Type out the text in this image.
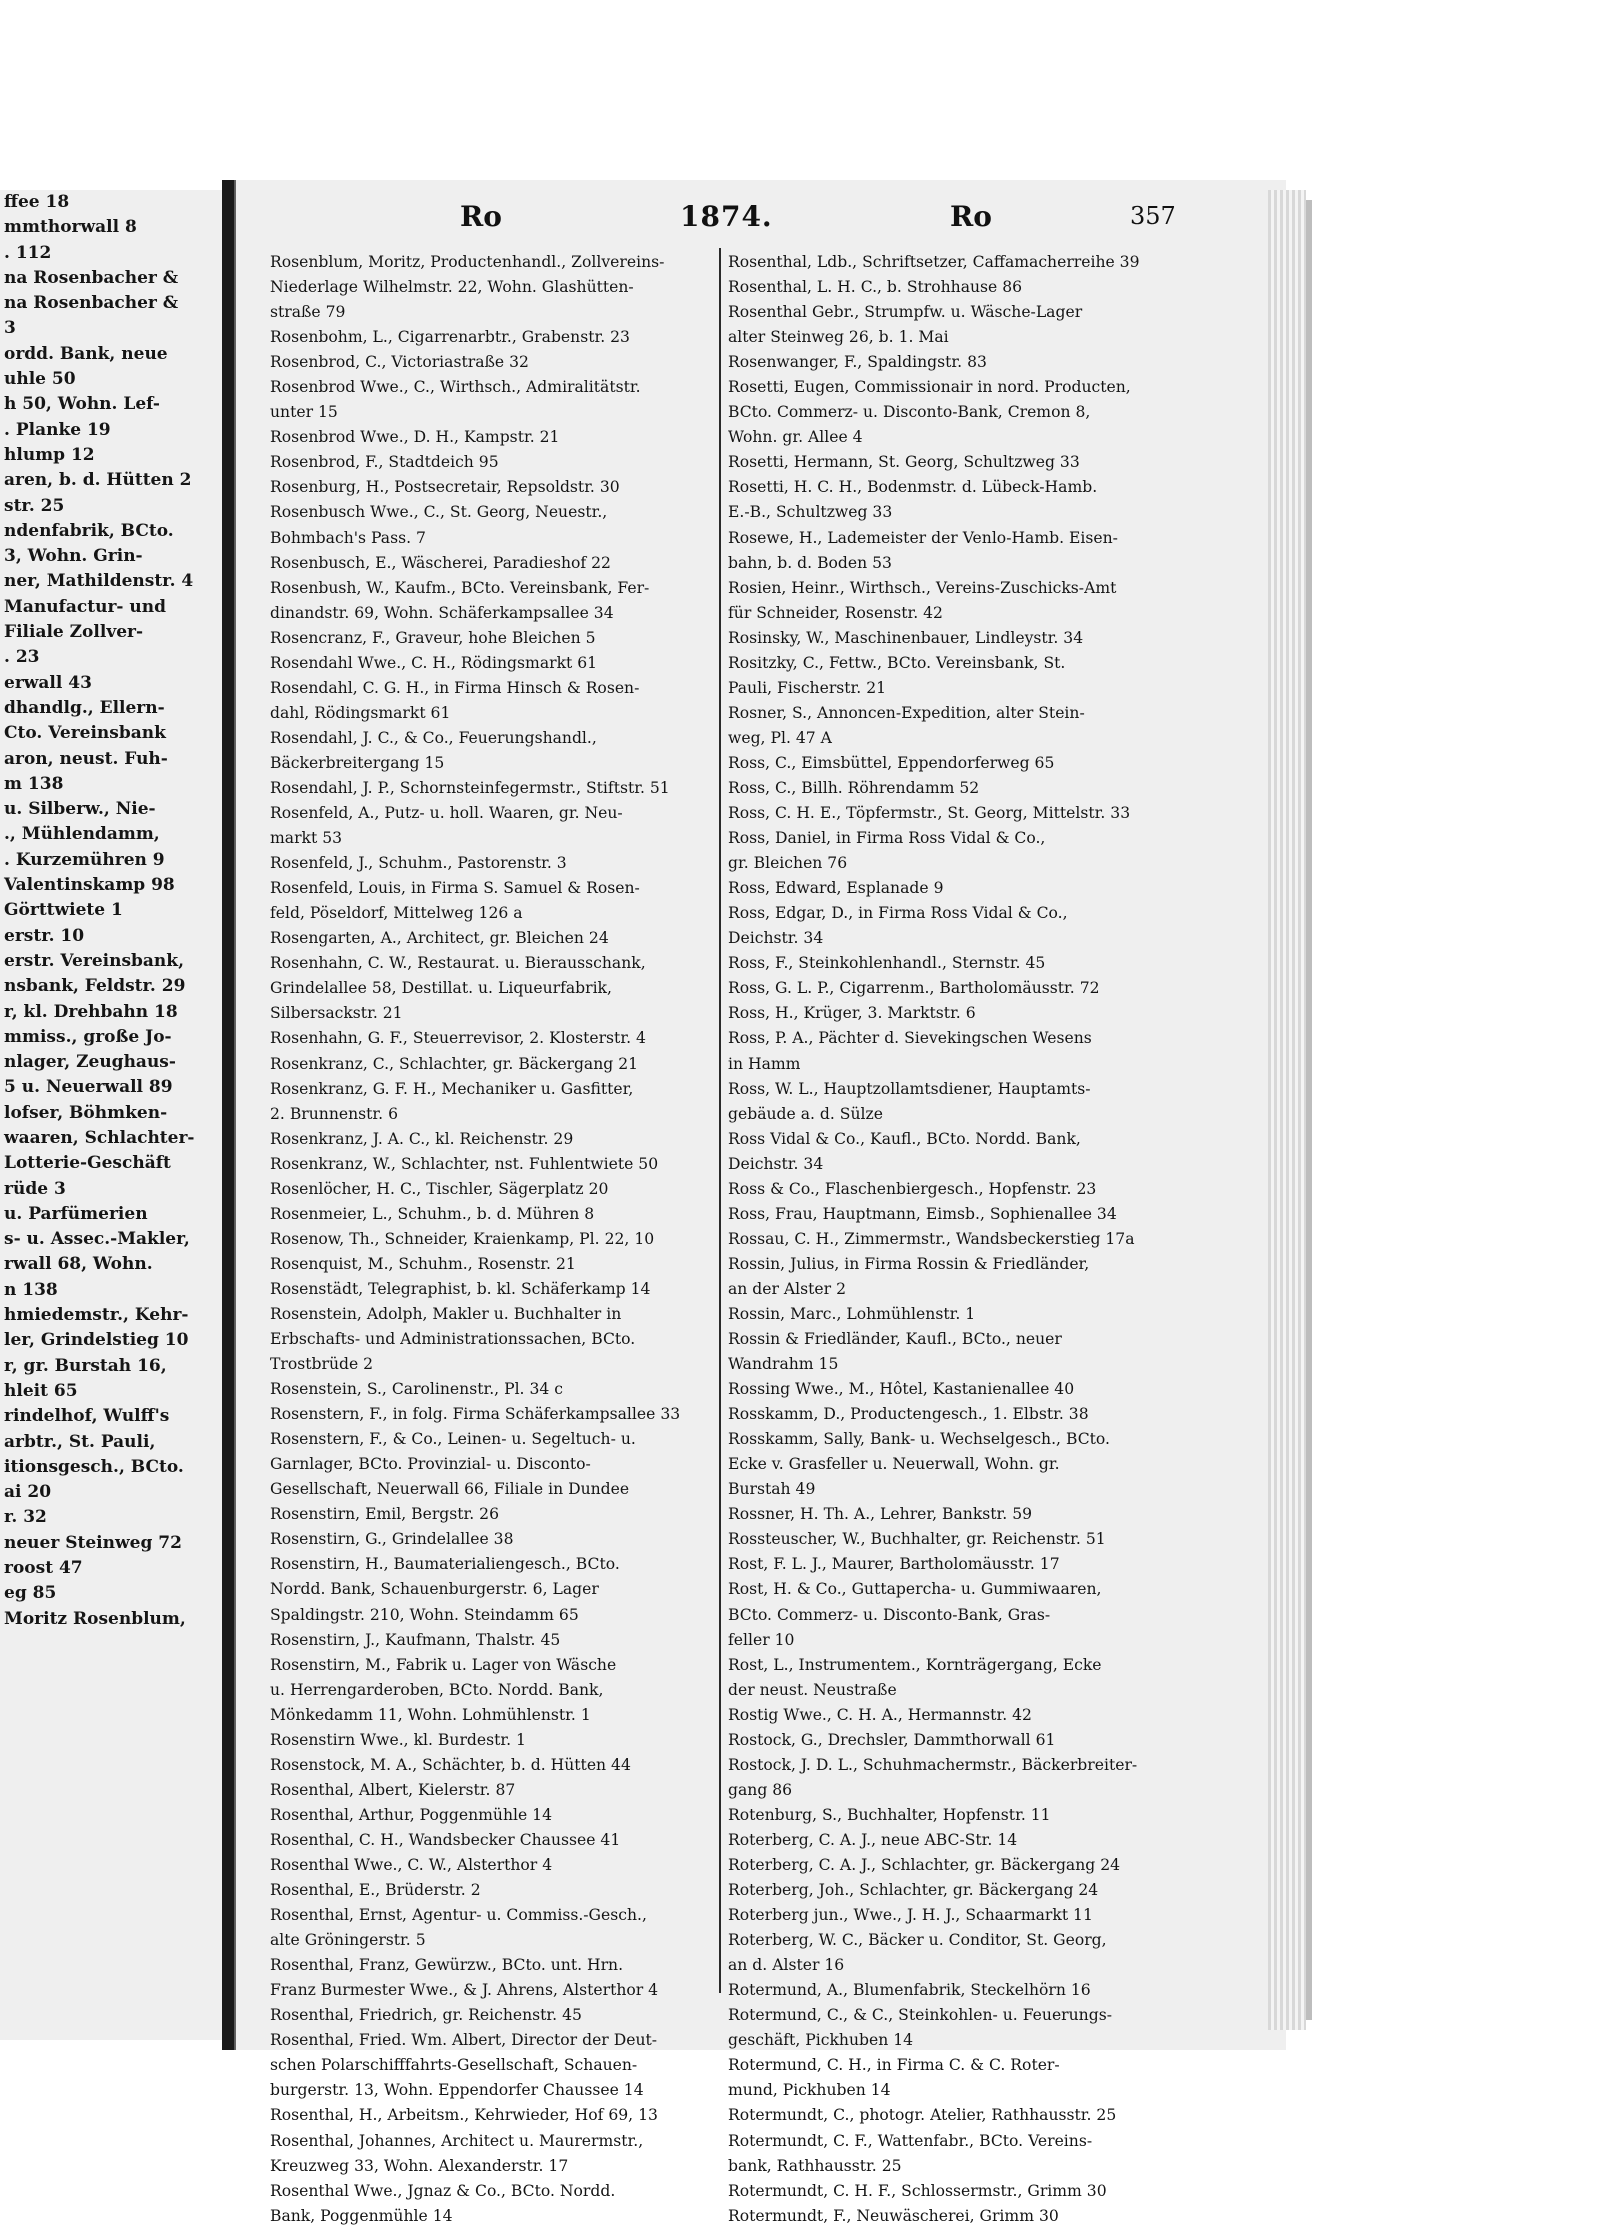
ffee 18
mmthorwall 8
. 112
na Rosenbacher &
na Rosenbacher &
3
ordd. Bank, neue
uhle 50
h 50, Wohn. Lef-
. Planke 19
hlump 12
aren, b. d. Hütten 2
str. 25
ndenfabrik, BCto.
3, Wohn. Grin-
ner, Mathildenstr. 4
Manufactur- und
Filiale Zollver-
. 23
erwall 43
dhandlg., Ellern-
Cto. Vereinsbank
aron, neust. Fuh-
m 138
u. Silberw., Nie-
., Mühlendamm,
. Kurzemühren 9
Valentinskamp 98
Görttwiete 1
erstr. 10
erstr. Vereinsbank,
nsbank, Feldstr. 29
r, kl. Drehbahn 18
mmiss., große Jo-
nlager, Zeughaus-
5 u. Neuerwall 89
lofser, Böhmken-
waaren, Schlachter-
Lotterie-Geschäft
rüde 3
u. Parfümerien
s- u. Assec.-Makler,
rwall 68, Wohn.
n 138
hmiedemstr., Kehr-
ler, Grindelstieg 10
r, gr. Burstah 16,
hleit 65
rindelhof, Wulff's
arbtr., St. Pauli,
itionsgesch., BCto.
ai 20
r. 32
neuer Steinweg 72
roost 47
eg 85
Moritz Rosenblum,
Ro	1874.	Ro	357
Rosenblum, Moritz, Productenhandl., Zollvereins-
Niederlage Wilhelmstr. 22, Wohn. Glashütten-
straße 79
Rosenbohm, L., Cigarrenarbtr., Grabenstr. 23
Rosenbrod, C., Victoriastraße 32
Rosenbrod Wwe., C., Wirthsch., Admiralitätstr.
unter 15
Rosenbrod Wwe., D. H., Kampstr. 21
Rosenbrod, F., Stadtdeich 95
Rosenburg, H., Postsecretair, Repsoldstr. 30
Rosenbusch Wwe., C., St. Georg, Neuestr.,
Bohmbach's Pass. 7
Rosenbusch, E., Wäscherei, Paradieshof 22
Rosenbush, W., Kaufm., BCto. Vereinsbank, Fer-
dinandstr. 69, Wohn. Schäferkampsallee 34
Rosencranz, F., Graveur, hohe Bleichen 5
Rosendahl Wwe., C. H., Rödingsmarkt 61
Rosendahl, C. G. H., in Firma Hinsch & Rosen-
dahl, Rödingsmarkt 61
Rosendahl, J. C., & Co., Feuerungshandl.,
Bäckerbreitergang 15
Rosendahl, J. P., Schornsteinfegermstr., Stiftstr. 51
Rosenfeld, A., Putz- u. holl. Waaren, gr. Neu-
markt 53
Rosenfeld, J., Schuhm., Pastorenstr. 3
Rosenfeld, Louis, in Firma S. Samuel & Rosen-
feld, Pöseldorf, Mittelweg 126 a
Rosengarten, A., Architect, gr. Bleichen 24
Rosenhahn, C. W., Restaurat. u. Bierausschank,
Grindelallee 58, Destillat. u. Liqueurfabrik,
Silbersackstr. 21
Rosenhahn, G. F., Steuerrevisor, 2. Klosterstr. 4
Rosenkranz, C., Schlachter, gr. Bäckergang 21
Rosenkranz, G. F. H., Mechaniker u. Gasfitter,
2. Brunnenstr. 6
Rosenkranz, J. A. C., kl. Reichenstr. 29
Rosenkranz, W., Schlachter, nst. Fuhlentwiete 50
Rosenlöcher, H. C., Tischler, Sägerplatz 20
Rosenmeier, L., Schuhm., b. d. Mühren 8
Rosenow, Th., Schneider, Kraienkamp, Pl. 22, 10
Rosenquist, M., Schuhm., Rosenstr. 21
Rosenstädt, Telegraphist, b. kl. Schäferkamp 14
Rosenstein, Adolph, Makler u. Buchhalter in
Erbschafts- und Administrationssachen, BCto.
Trostbrüde 2
Rosenstein, S., Carolinenstr., Pl. 34 c
Rosenstern, F., in folg. Firma Schäferkampsallee 33
Rosenstern, F., & Co., Leinen- u. Segeltuch- u.
Garnlager, BCto. Provinzial- u. Disconto-
Gesellschaft, Neuerwall 66, Filiale in Dundee
Rosenstirn, Emil, Bergstr. 26
Rosenstirn, G., Grindelallee 38
Rosenstirn, H., Baumaterialiengesch., BCto.
Nordd. Bank, Schauenburgerstr. 6, Lager
Spaldingstr. 210, Wohn. Steindamm 65
Rosenstirn, J., Kaufmann, Thalstr. 45
Rosenstirn, M., Fabrik u. Lager von Wäsche
u. Herrengarderoben, BCto. Nordd. Bank,
Mönkedamm 11, Wohn. Lohmühlenstr. 1
Rosenstirn Wwe., kl. Burdestr. 1
Rosenstock, M. A., Schächter, b. d. Hütten 44
Rosenthal, Albert, Kielerstr. 87
Rosenthal, Arthur, Poggenmühle 14
Rosenthal, C. H., Wandsbecker Chaussee 41
Rosenthal Wwe., C. W., Alsterthor 4
Rosenthal, E., Brüderstr. 2
Rosenthal, Ernst, Agentur- u. Commiss.-Gesch.,
alte Gröningerstr. 5
Rosenthal, Franz, Gewürzw., BCto. unt. Hrn.
Franz Burmester Wwe., & J. Ahrens, Alsterthor 4
Rosenthal, Friedrich, gr. Reichenstr. 45
Rosenthal, Fried. Wm. Albert, Director der Deut-
schen Polarschifffahrts-Gesellschaft, Schauen-
burgerstr. 13, Wohn. Eppendorfer Chaussee 14
Rosenthal, H., Arbeitsm., Kehrwieder, Hof 69, 13
Rosenthal, Johannes, Architect u. Maurermstr.,
Kreuzweg 33, Wohn. Alexanderstr. 17
Rosenthal Wwe., Jgnaz & Co., BCto. Nordd.
Bank, Poggenmühle 14
Rosenthal, Ldb., Schriftsetzer, Caffamacherreihe 39
Rosenthal, L. H. C., b. Strohhause 86
Rosenthal Gebr., Strumpfw. u. Wäsche-Lager
alter Steinweg 26, b. 1. Mai
Rosenwanger, F., Spaldingstr. 83
Rosetti, Eugen, Commissionair in nord. Producten,
BCto. Commerz- u. Disconto-Bank, Cremon 8,
Wohn. gr. Allee 4
Rosetti, Hermann, St. Georg, Schultzweg 33
Rosetti, H. C. H., Bodenmstr. d. Lübeck-Hamb.
E.-B., Schultzweg 33
Rosewe, H., Lademeister der Venlo-Hamb. Eisen-
bahn, b. d. Boden 53
Rosien, Heinr., Wirthsch., Vereins-Zuschicks-Amt
für Schneider, Rosenstr. 42
Rosinsky, W., Maschinenbauer, Lindleystr. 34
Rositzky, C., Fettw., BCto. Vereinsbank, St.
Pauli, Fischerstr. 21
Rosner, S., Annoncen-Expedition, alter Stein-
weg, Pl. 47 A
Ross, C., Eimsbüttel, Eppendorferweg 65
Ross, C., Billh. Röhrendamm 52
Ross, C. H. E., Töpfermstr., St. Georg, Mittelstr. 33
Ross, Daniel, in Firma Ross Vidal & Co.,
gr. Bleichen 76
Ross, Edward, Esplanade 9
Ross, Edgar, D., in Firma Ross Vidal & Co.,
Deichstr. 34
Ross, F., Steinkohlenhandl., Sternstr. 45
Ross, G. L. P., Cigarrenm., Bartholomäusstr. 72
Ross, H., Krüger, 3. Marktstr. 6
Ross, P. A., Pächter d. Sievekingschen Wesens
in Hamm
Ross, W. L., Hauptzollamtsdiener, Hauptamts-
gebäude a. d. Sülze
Ross Vidal & Co., Kaufl., BCto. Nordd. Bank,
Deichstr. 34
Ross & Co., Flaschenbiergesch., Hopfenstr. 23
Ross, Frau, Hauptmann, Eimsb., Sophienallee 34
Rossau, C. H., Zimmermstr., Wandsbeckerstieg 17a
Rossin, Julius, in Firma Rossin & Friedländer,
an der Alster 2
Rossin, Marc., Lohmühlenstr. 1
Rossin & Friedländer, Kaufl., BCto., neuer
Wandrahm 15
Rossing Wwe., M., Hôtel, Kastanienallee 40
Rosskamm, D., Productengesch., 1. Elbstr. 38
Rosskamm, Sally, Bank- u. Wechselgesch., BCto.
Ecke v. Grasfeller u. Neuerwall, Wohn. gr.
Burstah 49
Rossner, H. Th. A., Lehrer, Bankstr. 59
Rossteuscher, W., Buchhalter, gr. Reichenstr. 51
Rost, F. L. J., Maurer, Bartholomäusstr. 17
Rost, H. & Co., Guttapercha- u. Gummiwaaren,
BCto. Commerz- u. Disconto-Bank, Gras-
feller 10
Rost, L., Instrumentem., Kornträgergang, Ecke
der neust. Neustraße
Rostig Wwe., C. H. A., Hermannstr. 42
Rostock, G., Drechsler, Dammthorwall 61
Rostock, J. D. L., Schuhmachermstr., Bäckerbreiter-
gang 86
Rotenburg, S., Buchhalter, Hopfenstr. 11
Roterberg, C. A. J., neue ABC-Str. 14
Roterberg, C. A. J., Schlachter, gr. Bäckergang 24
Roterberg, Joh., Schlachter, gr. Bäckergang 24
Roterberg jun., Wwe., J. H. J., Schaarmarkt 11
Roterberg, W. C., Bäcker u. Conditor, St. Georg,
an d. Alster 16
Rotermund, A., Blumenfabrik, Steckelhörn 16
Rotermund, C., & C., Steinkohlen- u. Feuerungs-
geschäft, Pickhuben 14
Rotermund, C. H., in Firma C. & C. Roter-
mund, Pickhuben 14
Rotermundt, C., photogr. Atelier, Rathhausstr. 25
Rotermundt, C. F., Wattenfabr., BCto. Vereins-
bank, Rathhausstr. 25
Rotermundt, C. H. F., Schlossermstr., Grimm 30
Rotermundt, F., Neuwäscherei, Grimm 30
